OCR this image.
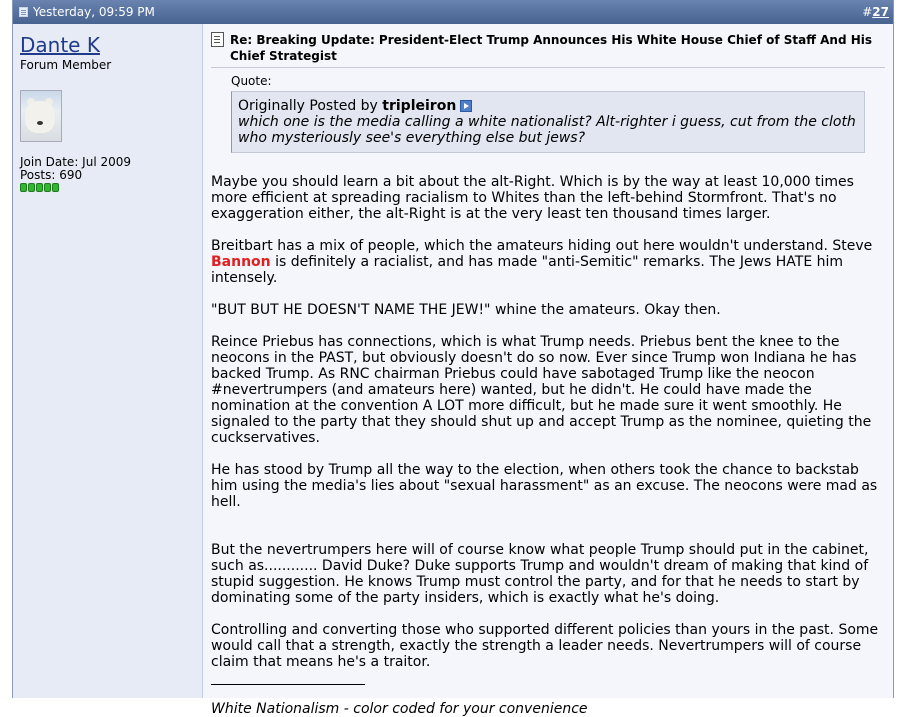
Yesterday, 09:59 PM	#27
Dante K
Forum Member
Join Date: Jul 2009
Posts: 690
Re: Breaking Update: President-Elect Trump Announces His White House Chief of Staff And His Chief Strategist
Quote:
Originally Posted by tripleiron
which one is the media calling a white nationalist? Alt-righter i guess, cut from the cloth who mysteriously see's everything else but jews?

Maybe you should learn a bit about the alt-Right. Which is by the way at least 10,000 times more efficient at spreading racialism to Whites than the left-behind Stormfront. That's no exaggeration either, the alt-Right is at the very least ten thousand times larger.

Breitbart has a mix of people, which the amateurs hiding out here wouldn't understand. Steve Bannon is definitely a racialist, and has made "anti-Semitic" remarks. The Jews HATE him intensely.

"BUT BUT HE DOESN'T NAME THE JEW!" whine the amateurs. Okay then.

Reince Priebus has connections, which is what Trump needs. Priebus bent the knee to the neocons in the PAST, but obviously doesn't do so now. Ever since Trump won Indiana he has backed Trump. As RNC chairman Priebus could have sabotaged Trump like the neocon #nevertrumpers (and amateurs here) wanted, but he didn't. He could have made the nomination at the convention A LOT more difficult, but he made sure it went smoothly. He signaled to the party that they should shut up and accept Trump as the nominee, quieting the cuckservatives.

He has stood by Trump all the way to the election, when others took the chance to backstab him using the media's lies about "sexual harassment" as an excuse. The neocons were mad as hell.

But the nevertrumpers here will of course know what people Trump should put in the cabinet, such as............ David Duke? Duke supports Trump and wouldn't dream of making that kind of stupid suggestion. He knows Trump must control the party, and for that he needs to start by dominating some of the party insiders, which is exactly what he's doing.

Controlling and converting those who supported different policies than yours in the past. Some would call that a strength, exactly the strength a leader needs. Nevertrumpers will of course claim that means he's a traitor.

White Nationalism - color coded for your convenience
